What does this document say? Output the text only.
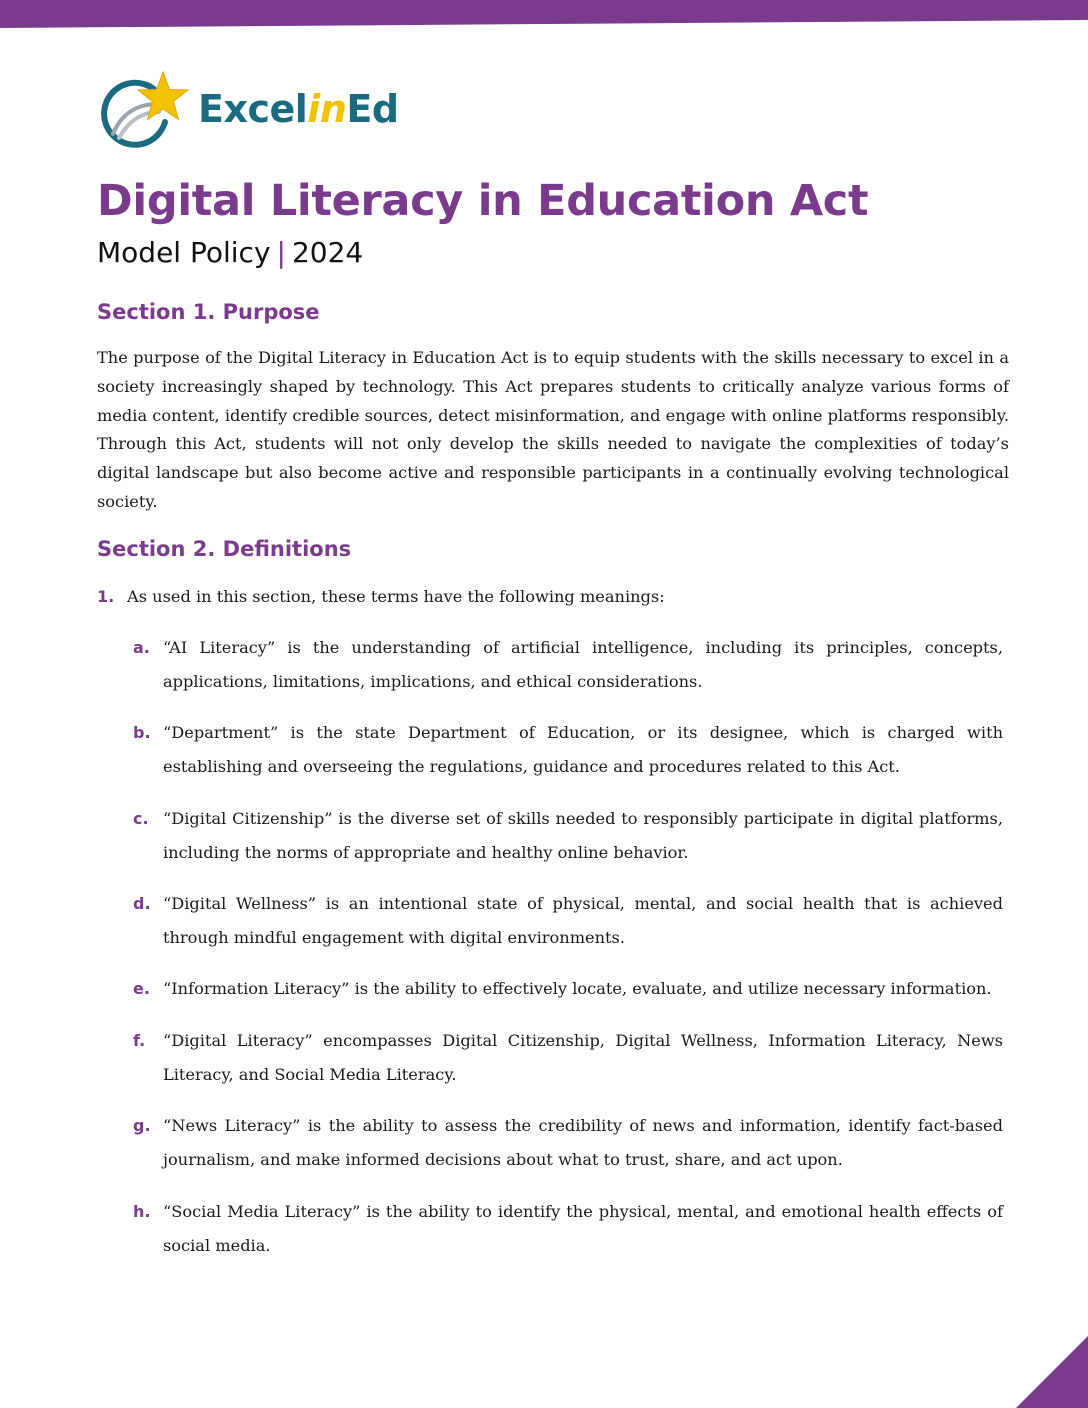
ExcelinEd

Digital Literacy in Education Act

Model Policy | 2024

Section 1. Purpose

The purpose of the Digital Literacy in Education Act is to equip students with the skills necessary to excel in a society increasingly shaped by technology. This Act prepares students to critically analyze various forms of media content, identify credible sources, detect misinformation, and engage with online platforms responsibly. Through this Act, students will not only develop the skills needed to navigate the complexities of today’s digital landscape but also become active and responsible participants in a continually evolving technological society.

Section 2. Definitions
1. As used in this section, these terms have the following meanings:

a. “AI Literacy” is the understanding of artificial intelligence, including its principles, concepts, applications, limitations, implications, and ethical considerations.

b. “Department” is the state Department of Education, or its designee, which is charged with establishing and overseeing the regulations, guidance and procedures related to this Act.

c. “Digital Citizenship” is the diverse set of skills needed to responsibly participate in digital platforms, including the norms of appropriate and healthy online behavior.

d. “Digital Wellness” is an intentional state of physical, mental, and social health that is achieved through mindful engagement with digital environments.

e. “Information Literacy” is the ability to effectively locate, evaluate, and utilize necessary information.

f. “Digital Literacy” encompasses Digital Citizenship, Digital Wellness, Information Literacy, News Literacy, and Social Media Literacy.

g. “News Literacy” is the ability to assess the credibility of news and information, identify fact-based journalism, and make informed decisions about what to trust, share, and act upon.

h. “Social Media Literacy” is the ability to identify the physical, mental, and emotional health effects of social media.
